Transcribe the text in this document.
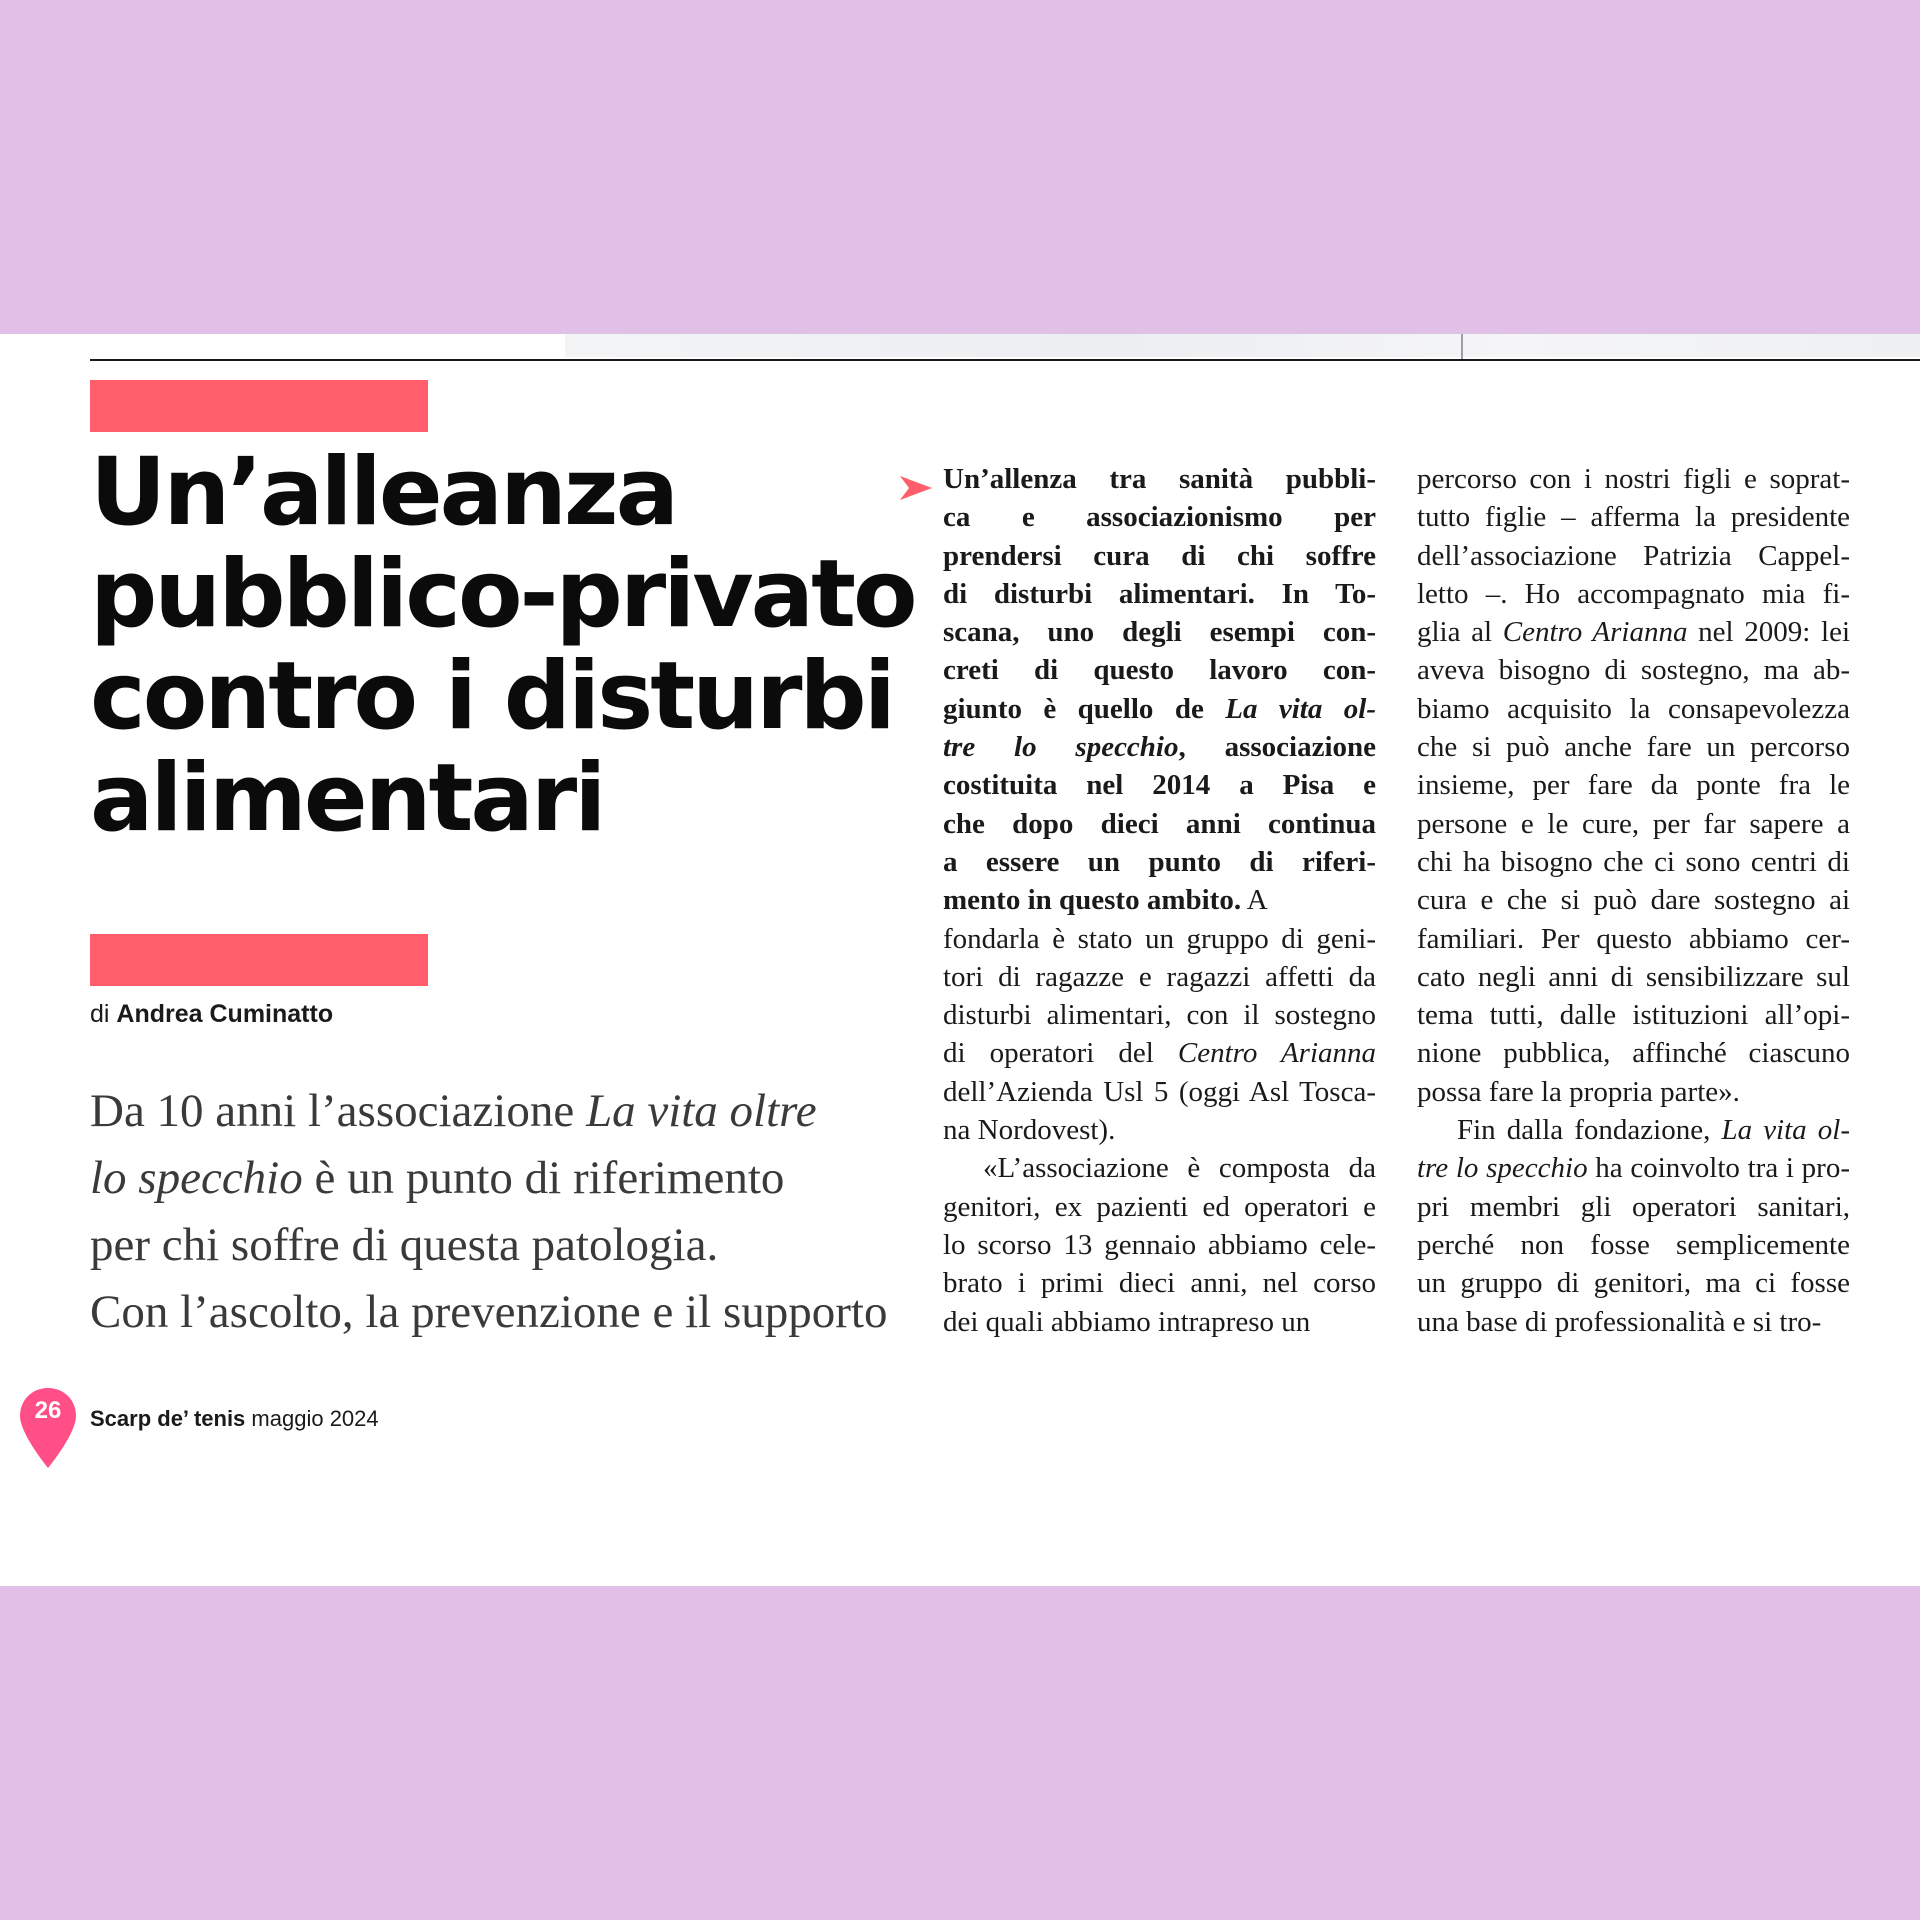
Un’alleanza
pubblico-privato
contro i disturbi
alimentari
di Andrea Cuminatto
Da 10 anni l’associazione La vita oltre
lo specchio è un punto di riferimento
per chi soffre di questa patologia.
Con l’ascolto, la prevenzione e il supporto
Un’allenza tra sanità pubbli-
ca e associazionismo per
prendersi cura di chi soffre
di disturbi alimentari. In To-
scana, uno degli esempi con-
creti di questo lavoro con-
giunto è quello de La vita ol-
tre lo specchio, associazione
costituita nel 2014 a Pisa e
che dopo dieci anni continua
a essere un punto di riferi-
mento in questo ambito. A
fondarla è stato un gruppo di geni-
tori di ragazze e ragazzi affetti da
disturbi alimentari, con il sostegno
di operatori del Centro Arianna
dell’Azienda Usl 5 (oggi Asl Tosca-
na Nordovest).
«L’associazione è composta da
genitori, ex pazienti ed operatori e
lo scorso 13 gennaio abbiamo cele-
brato i primi dieci anni, nel corso
dei quali abbiamo intrapreso un
percorso con i nostri figli e soprat-
tutto figlie – afferma la presidente
dell’associazione Patrizia Cappel-
letto –. Ho accompagnato mia fi-
glia al Centro Arianna nel 2009: lei
aveva bisogno di sostegno, ma ab-
biamo acquisito la consapevolezza
che si può anche fare un percorso
insieme, per fare da ponte fra le
persone e le cure, per far sapere a
chi ha bisogno che ci sono centri di
cura e che si può dare sostegno ai
familiari. Per questo abbiamo cer-
cato negli anni di sensibilizzare sul
tema tutti, dalle istituzioni all’opi-
nione pubblica, affinché ciascuno
possa fare la propria parte».
Fin dalla fondazione, La vita ol-
tre lo specchio ha coinvolto tra i pro-
pri membri gli operatori sanitari,
perché non fosse semplicemente
un gruppo di genitori, ma ci fosse
una base di professionalità e si tro-
26	Scarp de’ tenis maggio 2024
